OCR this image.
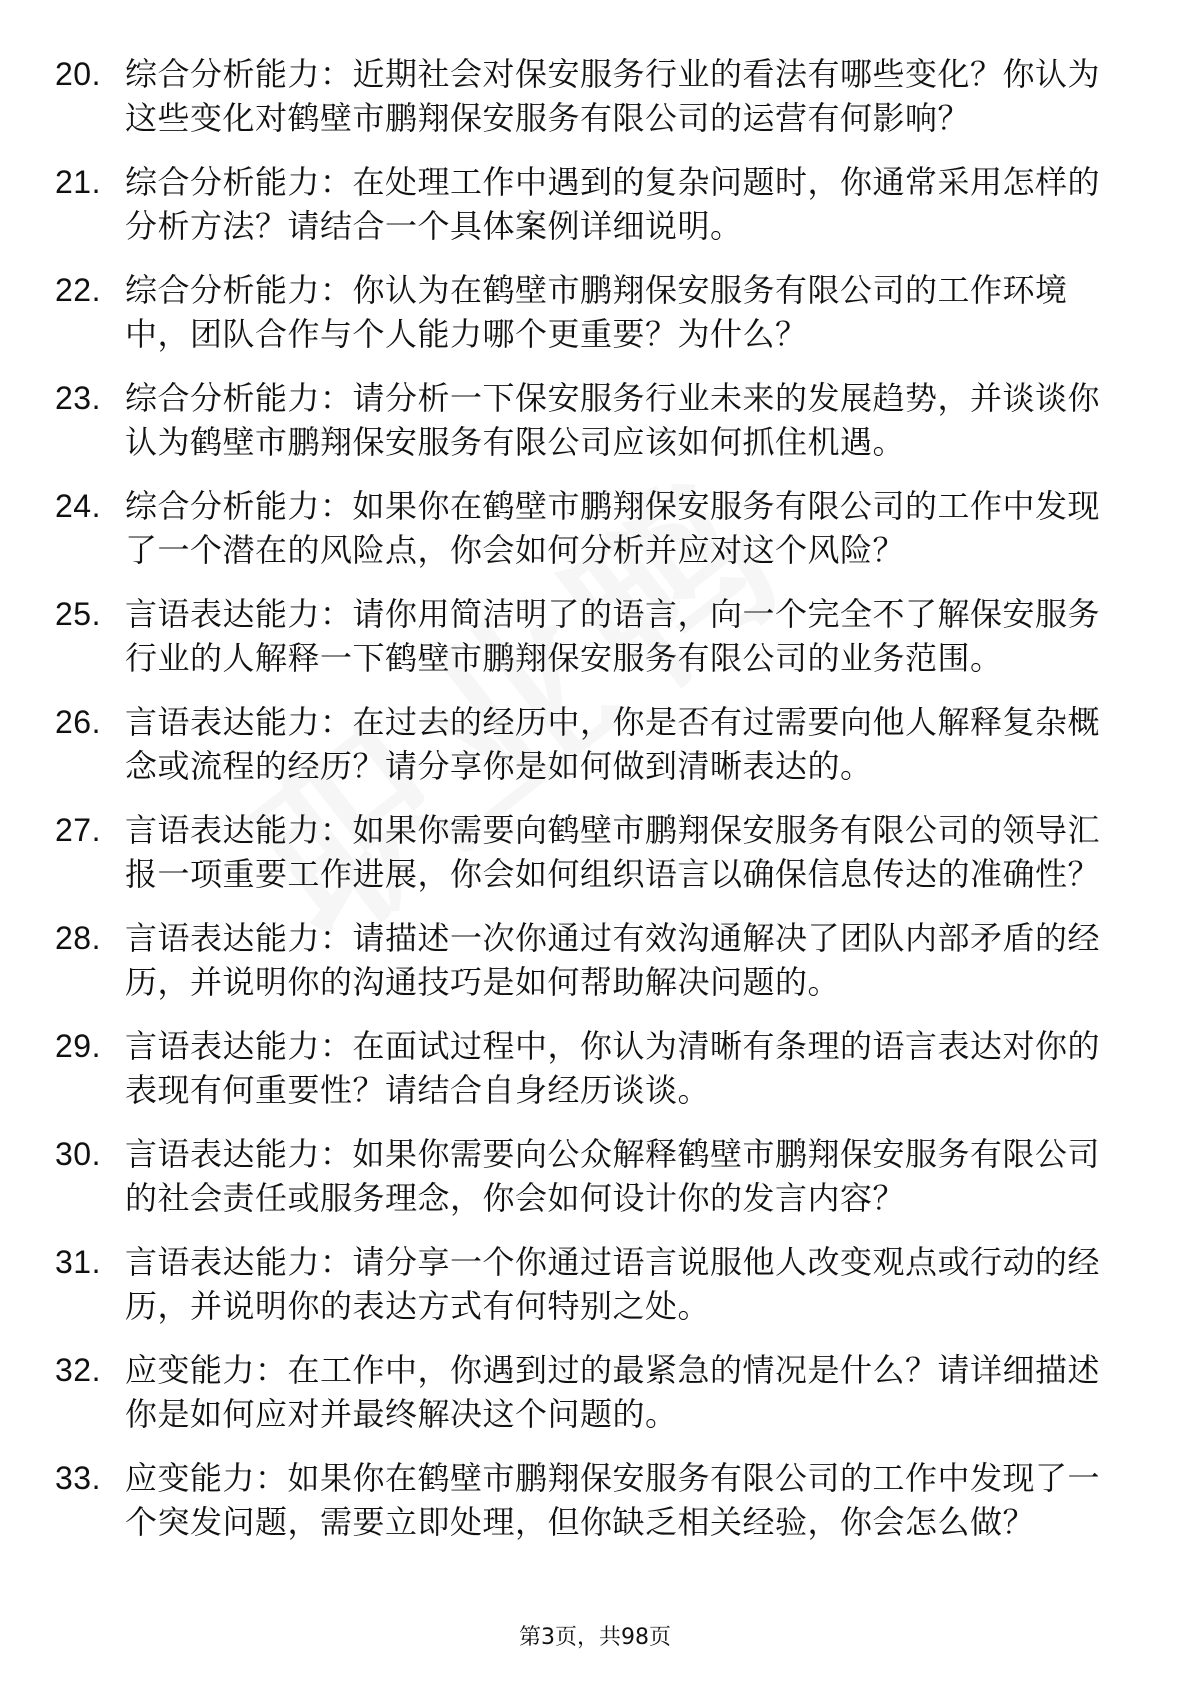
20. 综合分析能力：近期社会对保安服务行业的看法有哪些变化？你认为这些变化对鹤壁市鹏翔保安服务有限公司的运营有何影响？
21. 综合分析能力：在处理工作中遇到的复杂问题时，你通常采用怎样的分析方法？请结合一个具体案例详细说明。
22. 综合分析能力：你认为在鹤壁市鹏翔保安服务有限公司的工作环境中，团队合作与个人能力哪个更重要？为什么？
23. 综合分析能力：请分析一下保安服务行业未来的发展趋势，并谈谈你认为鹤壁市鹏翔保安服务有限公司应该如何抓住机遇。
24. 综合分析能力：如果你在鹤壁市鹏翔保安服务有限公司的工作中发现了一个潜在的风险点，你会如何分析并应对这个风险？
25. 言语表达能力：请你用简洁明了的语言，向一个完全不了解保安服务行业的人解释一下鹤壁市鹏翔保安服务有限公司的业务范围。
26. 言语表达能力：在过去的经历中，你是否有过需要向他人解释复杂概念或流程的经历？请分享你是如何做到清晰表达的。
27. 言语表达能力：如果你需要向鹤壁市鹏翔保安服务有限公司的领导汇报一项重要工作进展，你会如何组织语言以确保信息传达的准确性？
28. 言语表达能力：请描述一次你通过有效沟通解决了团队内部矛盾的经历，并说明你的沟通技巧是如何帮助解决问题的。
29. 言语表达能力：在面试过程中，你认为清晰有条理的语言表达对你的表现有何重要性？请结合自身经历谈谈。
30. 言语表达能力：如果你需要向公众解释鹤壁市鹏翔保安服务有限公司的社会责任或服务理念，你会如何设计你的发言内容？
31. 言语表达能力：请分享一个你通过语言说服他人改变观点或行动的经历，并说明你的表达方式有何特别之处。
32. 应变能力：在工作中，你遇到过的最紧急的情况是什么？请详细描述你是如何应对并最终解决这个问题的。
33. 应变能力：如果你在鹤壁市鹏翔保安服务有限公司的工作中发现了一个突发问题，需要立即处理，但你缺乏相关经验，你会怎么做？
第3页，共98页
